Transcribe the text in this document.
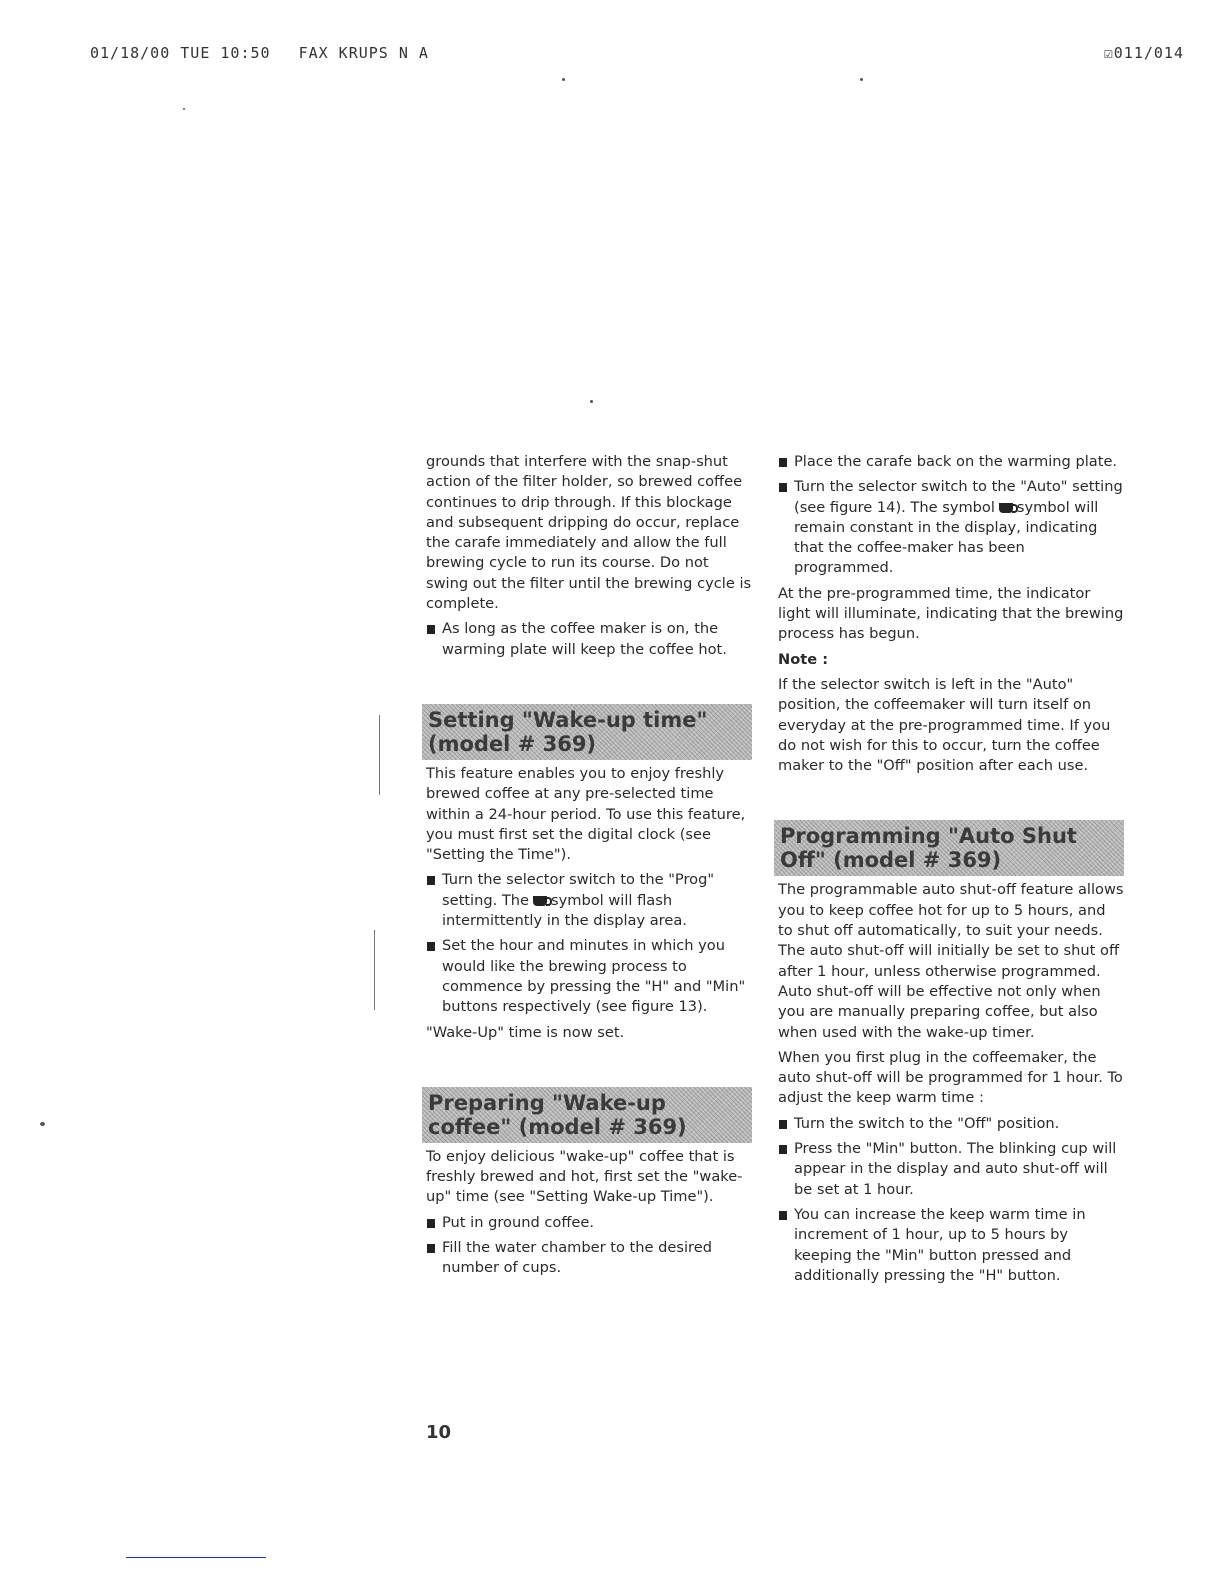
01/18/00 TUE 10:50 FAX KRUPS N A	☑011/014

grounds that interfere with the snap-shut action of the filter holder, so brewed coffee continues to drip through. If this blockage and subsequent dripping do occur, replace the carafe immediately and allow the full brewing cycle to run its course. Do not swing out the filter until the brewing cycle is complete.

As long as the coffee maker is on, the warming plate will keep the coffee hot.
Setting "Wake-up time"
(model # 369)

This feature enables you to enjoy freshly brewed coffee at any pre-selected time within a 24-hour period. To use this feature, you must first set the digital clock (see "Setting the Time").

Turn the selector switch to the "Prog" setting. The symbol will flash intermittently in the display area.
Set the hour and minutes in which you would like the brewing process to commence by pressing the "H" and "Min" buttons respectively (see figure 13).

"Wake-Up" time is now set.

Preparing "Wake-up
coffee" (model # 369)

To enjoy delicious "wake-up" coffee that is freshly brewed and hot, first set the "wake-up" time (see "Setting Wake-up Time").

Put in ground coffee.
Fill the water chamber to the desired number of cups.
Place the carafe back on the warming plate.
Turn the selector switch to the "Auto" setting (see figure 14). The symbol symbol will remain constant in the display, indicating that the coffee-maker has been programmed.

At the pre-programmed time, the indicator light will illuminate, indicating that the brewing process has begun.

Note :

If the selector switch is left in the "Auto" position, the coffeemaker will turn itself on everyday at the pre-programmed time. If you do not wish for this to occur, turn the coffee maker to the "Off" position after each use.

Programming "Auto Shut
Off" (model # 369)

The programmable auto shut-off feature allows you to keep coffee hot for up to 5 hours, and to shut off automatically, to suit your needs. The auto shut-off will initially be set to shut off after 1 hour, unless otherwise programmed. Auto shut-off will be effective not only when you are manually preparing coffee, but also when used with the wake-up timer.

When you first plug in the coffeemaker, the auto shut-off will be programmed for 1 hour. To adjust the keep warm time :

Turn the switch to the "Off" position.
Press the "Min" button. The blinking cup will appear in the display and auto shut-off will be set at 1 hour.
You can increase the keep warm time in increment of 1 hour, up to 5 hours by keeping the "Min" button pressed and additionally pressing the "H" button.
10
